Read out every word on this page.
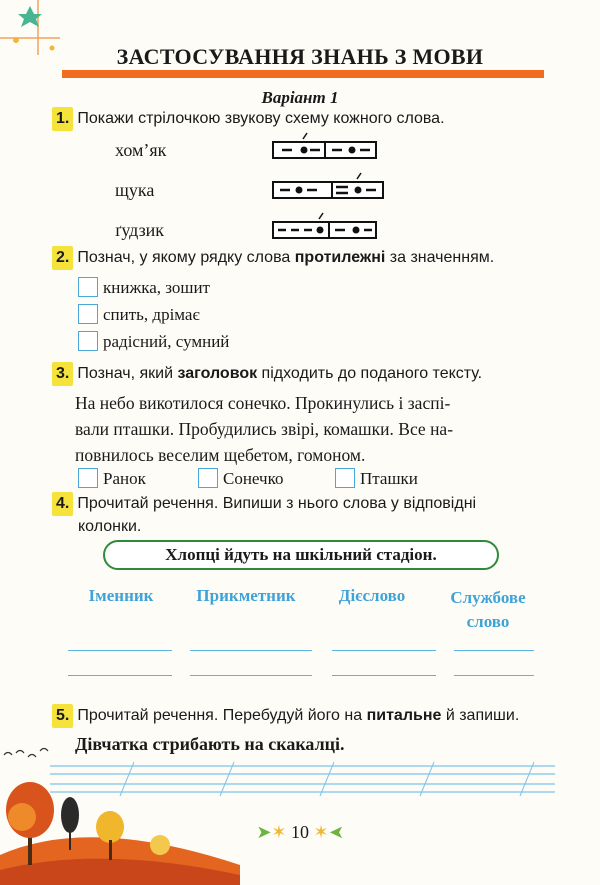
ЗАСТОСУВАННЯ ЗНАНЬ З МОВИ
Варіант 1
1. Покажи стрілочкою звукову схему кожного слова.
хом’як
щука
ґудзик
2. Познач, у якому рядку слова протилежні за значенням.
книжка, зошит
спить, дрімає
радісний, сумний
3. Познач, який заголовок підходить до поданого тексту.
На небо викотилося сонечко. Прокинулись і заспі-
вали пташки. Пробудились звірі, комашки. Все на-
повнилось веселим щебетом, гомоном.
Ранок	Сонечко	Пташки
4. Прочитай речення. Випиши з нього слова у відповідні
колонки.
Хлопці йдуть на шкільний стадіон.
Іменник	Прикметник	Дієслово	Службове
слово
5. Прочитай речення. Перебудуй його на питальне й запиши.
Дівчатка стрибають на скакалці.
➤✶ 10 ✶➤
